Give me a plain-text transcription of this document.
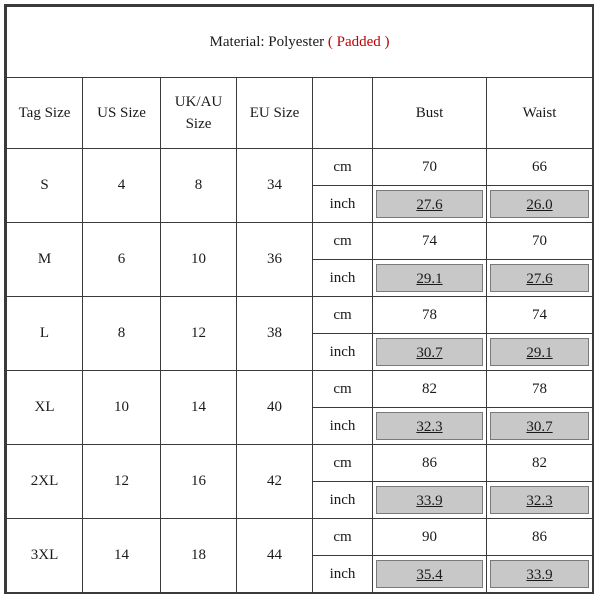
Material: Polyester ( Padded )						
Tag Size	US Size	UK/AU Size	EU Size		Bust	Waist
S	4	8	34	cm	70	66
				inch	27.6	26.0

M	6	10	36	cm	74	70
				inch	29.1	27.6

L	8	12	38	cm	78	74
				inch	30.7	29.1

XL	10	14	40	cm	82	78
				inch	32.3	30.7

2XL	12	16	42	cm	86	82
				inch	33.9	32.3

3XL	14	18	44	cm	90	86
				inch	35.4	33.9
